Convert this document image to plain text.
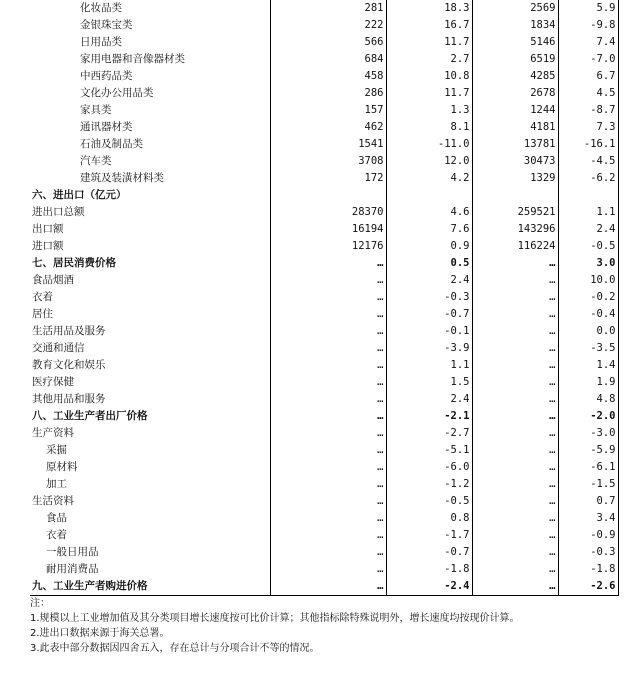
化妆品类	281	18.3	2569	5.9
金银珠宝类	222	16.7	1834	-9.8
日用品类	566	11.7	5146	7.4
家用电器和音像器材类	684	2.7	6519	-7.0
中西药品类	458	10.8	4285	6.7
文化办公用品类	286	11.7	2678	4.5
家具类	157	1.3	1244	-8.7
通讯器材类	462	8.1	4181	7.3
石油及制品类	1541	-11.0	13781	-16.1
汽车类	3708	12.0	30473	-4.5
建筑及装潢材料类	172	4.2	1329	-6.2
六、进出口（亿元）				
进出口总额	28370	4.6	259521	1.1
出口额	16194	7.6	143296	2.4
进口额	12176	0.9	116224	-0.5
七、居民消费价格	…	0.5	…	3.0
食品烟酒	…	2.4	…	10.0
衣着	…	-0.3	…	-0.2
居住	…	-0.7	…	-0.4
生活用品及服务	…	-0.1	…	0.0
交通和通信	…	-3.9	…	-3.5
教育文化和娱乐	…	1.1	…	1.4
医疗保健	…	1.5	…	1.9
其他用品和服务	…	2.4	…	4.8
八、工业生产者出厂价格	…	-2.1	…	-2.0
生产资料	…	-2.7	…	-3.0
采掘	…	-5.1	…	-5.9
原材料	…	-6.0	…	-6.1
加工	…	-1.2	…	-1.5
生活资料	…	-0.5	…	0.7
食品	…	0.8	…	3.4
衣着	…	-1.7	…	-0.9
一般日用品	…	-0.7	…	-0.3
耐用消费品	…	-1.8	…	-1.8
九、工业生产者购进价格	…	-2.4	…	-2.6
注：
1.规模以上工业增加值及其分类项目增长速度按可比价计算；其他指标除特殊说明外，增长速度均按现价计算。
2.进出口数据来源于海关总署。
3.此表中部分数据因四舍五入，存在总计与分项合计不等的情况。
